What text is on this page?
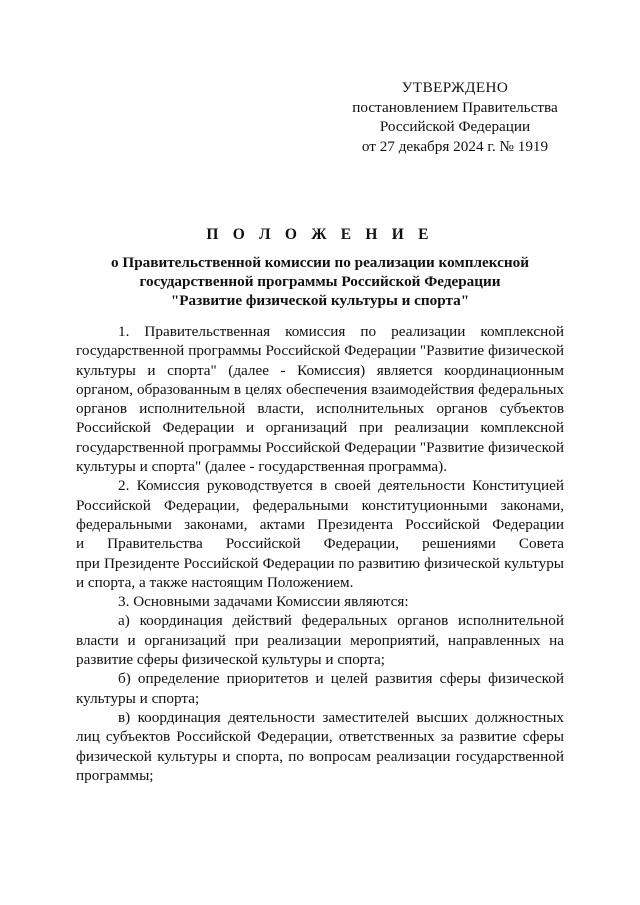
УТВЕРЖДЕНО
постановлением Правительства
Российской Федерации
от 27 декабря 2024 г. № 1919
П О Л О Ж Е Н И Е
о Правительственной комиссии по реализации комплексной
государственной программы Российской Федерации
"Развитие физической культуры и спорта"
1. Правительственная комиссия по реализации комплексной
государственной программы Российской Федерации "Развитие физической
культуры и спорта" (далее - Комиссия) является координационным
органом, образованным в целях обеспечения взаимодействия федеральных
органов исполнительной власти, исполнительных органов субъектов
Российской Федерации и организаций при реализации комплексной
государственной программы Российской Федерации "Развитие физической
культуры и спорта" (далее - государственная программа).
2. Комиссия руководствуется в своей деятельности Конституцией
Российской Федерации, федеральными конституционными законами,
федеральными законами, актами Президента Российской Федерации
и Правительства Российской Федерации, решениями Совета
при Президенте Российской Федерации по развитию физической культуры
и спорта, а также настоящим Положением.
3. Основными задачами Комиссии являются:
а) координация действий федеральных органов исполнительной
власти и организаций при реализации мероприятий, направленных на
развитие сферы физической культуры и спорта;
б) определение приоритетов и целей развития сферы физической
культуры и спорта;
в) координация деятельности заместителей высших должностных
лиц субъектов Российской Федерации, ответственных за развитие сферы
физической культуры и спорта, по вопросам реализации государственной
программы;
